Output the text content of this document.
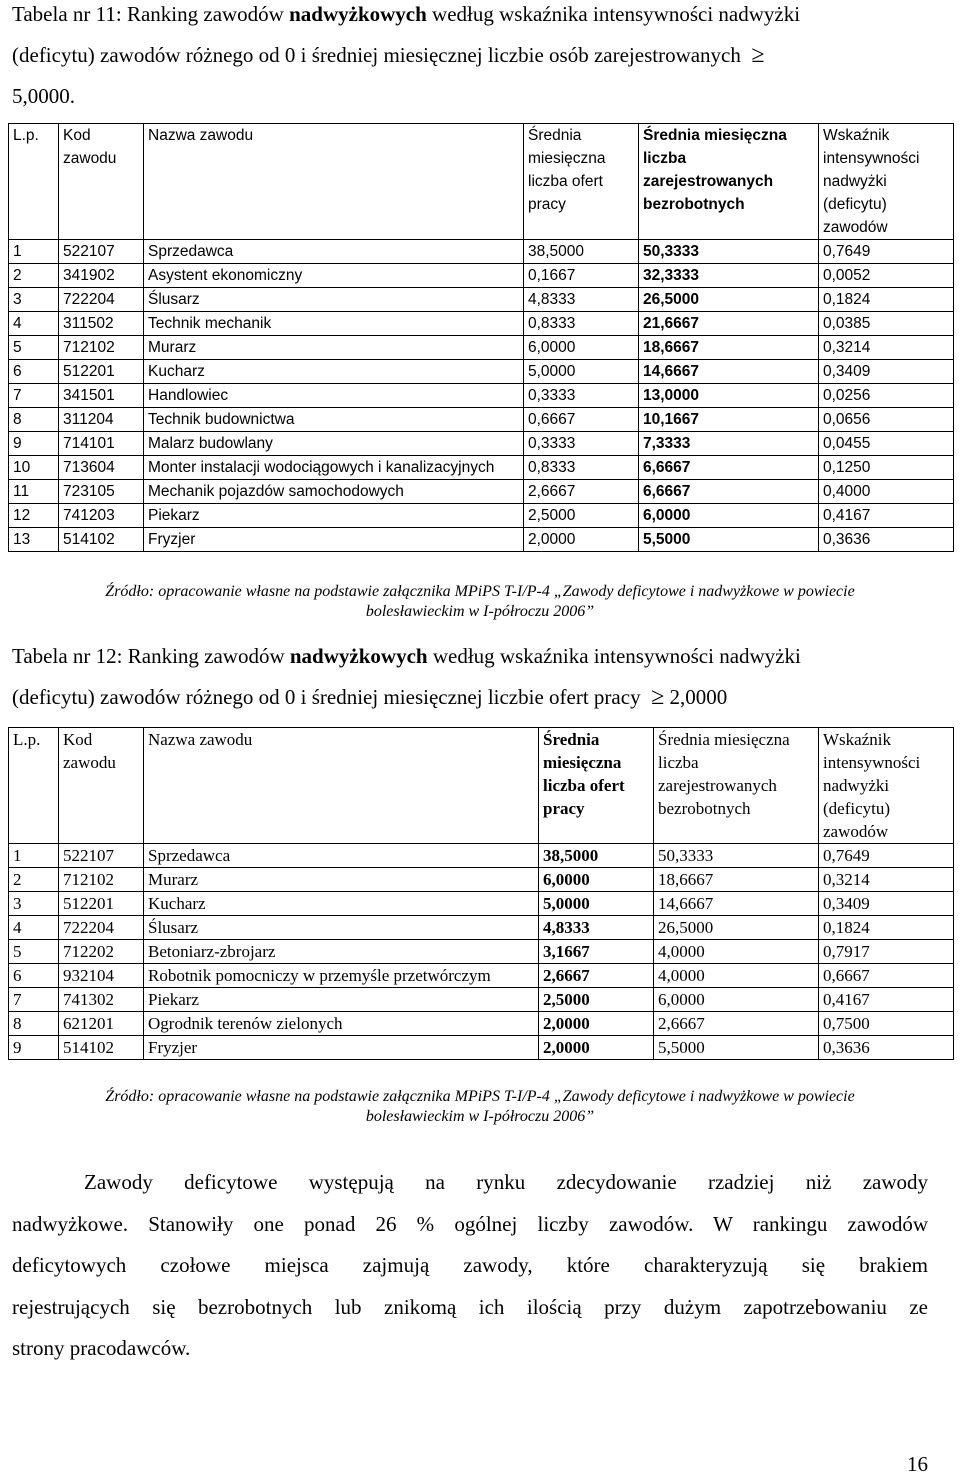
Tabela nr 11: Ranking zawodów nadwyżkowych według wskaźnika intensywności nadwyżki
(deficytu) zawodów różnego od 0 i średniej miesięcznej liczbie osób zarejestrowanych ≥
5,0000.
L.p.	Kod zawodu	Nazwa zawodu	Średnia miesięczna liczba ofert pracy	Średnia miesięczna liczba zarejestrowanych bezrobotnych	Wskaźnik intensywności nadwyżki (deficytu) zawodów
1	522107	Sprzedawca	38,5000	50,3333	0,7649
2	341902	Asystent ekonomiczny	0,1667	32,3333	0,0052
3	722204	Ślusarz	4,8333	26,5000	0,1824
4	311502	Technik mechanik	0,8333	21,6667	0,0385
5	712102	Murarz	6,0000	18,6667	0,3214
6	512201	Kucharz	5,0000	14,6667	0,3409
7	341501	Handlowiec	0,3333	13,0000	0,0256
8	311204	Technik budownictwa	0,6667	10,1667	0,0656
9	714101	Malarz budowlany	0,3333	7,3333	0,0455
10	713604	Monter instalacji wodociągowych i kanalizacyjnych	0,8333	6,6667	0,1250
11	723105	Mechanik pojazdów samochodowych	2,6667	6,6667	0,4000
12	741203	Piekarz	2,5000	6,0000	0,4167
13	514102	Fryzjer	2,0000	5,5000	0,3636
Źródło: opracowanie własne na podstawie załącznika MPiPS T-I/P-4 „Zawody deficytowe i nadwyżkowe w powiecie
bolesławieckim w I-półroczu 2006”
Tabela nr 12: Ranking zawodów nadwyżkowych według wskaźnika intensywności nadwyżki
(deficytu) zawodów różnego od 0 i średniej miesięcznej liczbie ofert pracy ≥ 2,0000
L.p.	Kod zawodu	Nazwa zawodu	Średnia miesięczna liczba ofert pracy	Średnia miesięczna liczba zarejestrowanych bezrobotnych	Wskaźnik intensywności nadwyżki (deficytu) zawodów
1	522107	Sprzedawca	38,5000	50,3333	0,7649
2	712102	Murarz	6,0000	18,6667	0,3214
3	512201	Kucharz	5,0000	14,6667	0,3409
4	722204	Ślusarz	4,8333	26,5000	0,1824
5	712202	Betoniarz-zbrojarz	3,1667	4,0000	0,7917
6	932104	Robotnik pomocniczy w przemyśle przetwórczym	2,6667	4,0000	0,6667
7	741302	Piekarz	2,5000	6,0000	0,4167
8	621201	Ogrodnik terenów zielonych	2,0000	2,6667	0,7500
9	514102	Fryzjer	2,0000	5,5000	0,3636
Źródło: opracowanie własne na podstawie załącznika MPiPS T-I/P-4 „Zawody deficytowe i nadwyżkowe w powiecie
bolesławieckim w I-półroczu 2006”
Zawody deficytowe występują na rynku zdecydowanie rzadziej niż zawody
nadwyżkowe. Stanowiły one ponad 26 % ogólnej liczby zawodów. W rankingu zawodów
deficytowych czołowe miejsca zajmują zawody, które charakteryzują się brakiem
rejestrujących się bezrobotnych lub znikomą ich ilością przy dużym zapotrzebowaniu ze
strony pracodawców.
16
